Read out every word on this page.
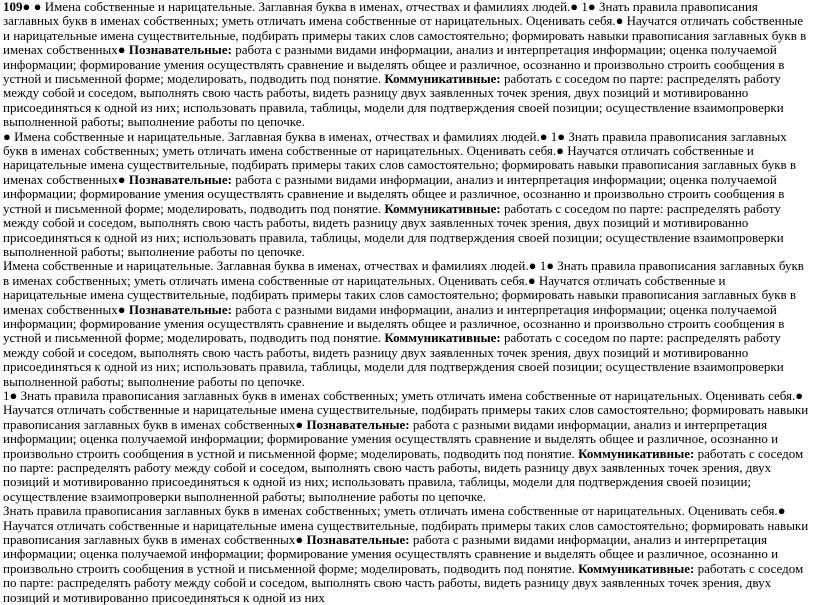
109● ● Имена собственные и нарицательные. Заглавная буква в именах, отчествах и фамилиях людей.● 1● Знать правила правописания заглавных букв в именах собственных; уметь отличать имена собственные от нарицательных. Оценивать себя.● Научатся отличать собственные и нарицательные имена существительные, подбирать примеры таких слов самостоятельно; формировать навыки правописания заглавных букв в именах собственных● Познавательные: работа с разными видами информации, анализ и интерпретация информации; оценка получаемой информации; формирование умения осуществлять сравнение и выделять общее и различное, осознанно и произвольно строить сообщения в устной и письменной форме; моделировать, подводить под понятие. Коммуникативные: работать с соседом по парте: распределять работу между собой и соседом, выполнять свою часть работы, видеть разницу двух заявленных точек зрения, двух позиций и мотивированно присоединяться к одной из них; использовать правила, таблицы, модели для подтверждения своей позиции; осуществление взаимопроверки выполненной работы; выполнение работы по цепочке.

● Имена собственные и нарицательные. Заглавная буква в именах, отчествах и фамилиях людей.● 1● Знать правила правописания заглавных букв в именах собственных; уметь отличать имена собственные от нарицательных. Оценивать себя.● Научатся отличать собственные и нарицательные имена существительные, подбирать примеры таких слов самостоятельно; формировать навыки правописания заглавных букв в именах собственных● Познавательные: работа с разными видами информации, анализ и интерпретация информации; оценка получаемой информации; формирование умения осуществлять сравнение и выделять общее и различное, осознанно и произвольно строить сообщения в устной и письменной форме; моделировать, подводить под понятие. Коммуникативные: работать с соседом по парте: распределять работу между собой и соседом, выполнять свою часть работы, видеть разницу двух заявленных точек зрения, двух позиций и мотивированно присоединяться к одной из них; использовать правила, таблицы, модели для подтверждения своей позиции; осуществление взаимопроверки выполненной работы; выполнение работы по цепочке.

Имена собственные и нарицательные. Заглавная буква в именах, отчествах и фамилиях людей.● 1● Знать правила правописания заглавных букв в именах собственных; уметь отличать имена собственные от нарицательных. Оценивать себя.● Научатся отличать собственные и нарицательные имена существительные, подбирать примеры таких слов самостоятельно; формировать навыки правописания заглавных букв в именах собственных● Познавательные: работа с разными видами информации, анализ и интерпретация информации; оценка получаемой информации; формирование умения осуществлять сравнение и выделять общее и различное, осознанно и произвольно строить сообщения в устной и письменной форме; моделировать, подводить под понятие. Коммуникативные: работать с соседом по парте: распределять работу между собой и соседом, выполнять свою часть работы, видеть разницу двух заявленных точек зрения, двух позиций и мотивированно присоединяться к одной из них; использовать правила, таблицы, модели для подтверждения своей позиции; осуществление взаимопроверки выполненной работы; выполнение работы по цепочке.

1● Знать правила правописания заглавных букв в именах собственных; уметь отличать имена собственные от нарицательных. Оценивать себя.● Научатся отличать собственные и нарицательные имена существительные, подбирать примеры таких слов самостоятельно; формировать навыки правописания заглавных букв в именах собственных● Познавательные: работа с разными видами информации, анализ и интерпретация информации; оценка получаемой информации; формирование умения осуществлять сравнение и выделять общее и различное, осознанно и произвольно строить сообщения в устной и письменной форме; моделировать, подводить под понятие. Коммуникативные: работать с соседом по парте: распределять работу между собой и соседом, выполнять свою часть работы, видеть разницу двух заявленных точек зрения, двух позиций и мотивированно присоединяться к одной из них; использовать правила, таблицы, модели для подтверждения своей позиции; осуществление взаимопроверки выполненной работы; выполнение работы по цепочке.

Знать правила правописания заглавных букв в именах собственных; уметь отличать имена собственные от нарицательных. Оценивать себя.● Научатся отличать собственные и нарицательные имена существительные, подбирать примеры таких слов самостоятельно; формировать навыки правописания заглавных букв в именах собственных● Познавательные: работа с разными видами информации, анализ и интерпретация информации; оценка получаемой информации; формирование умения осуществлять сравнение и выделять общее и различное, осознанно и произвольно строить сообщения в устной и письменной форме; моделировать, подводить под понятие. Коммуникативные: работать с соседом по парте: распределять работу между собой и соседом, выполнять свою часть работы, видеть разницу двух заявленных точек зрения, двух позиций и мотивированно присоединяться к одной из них
